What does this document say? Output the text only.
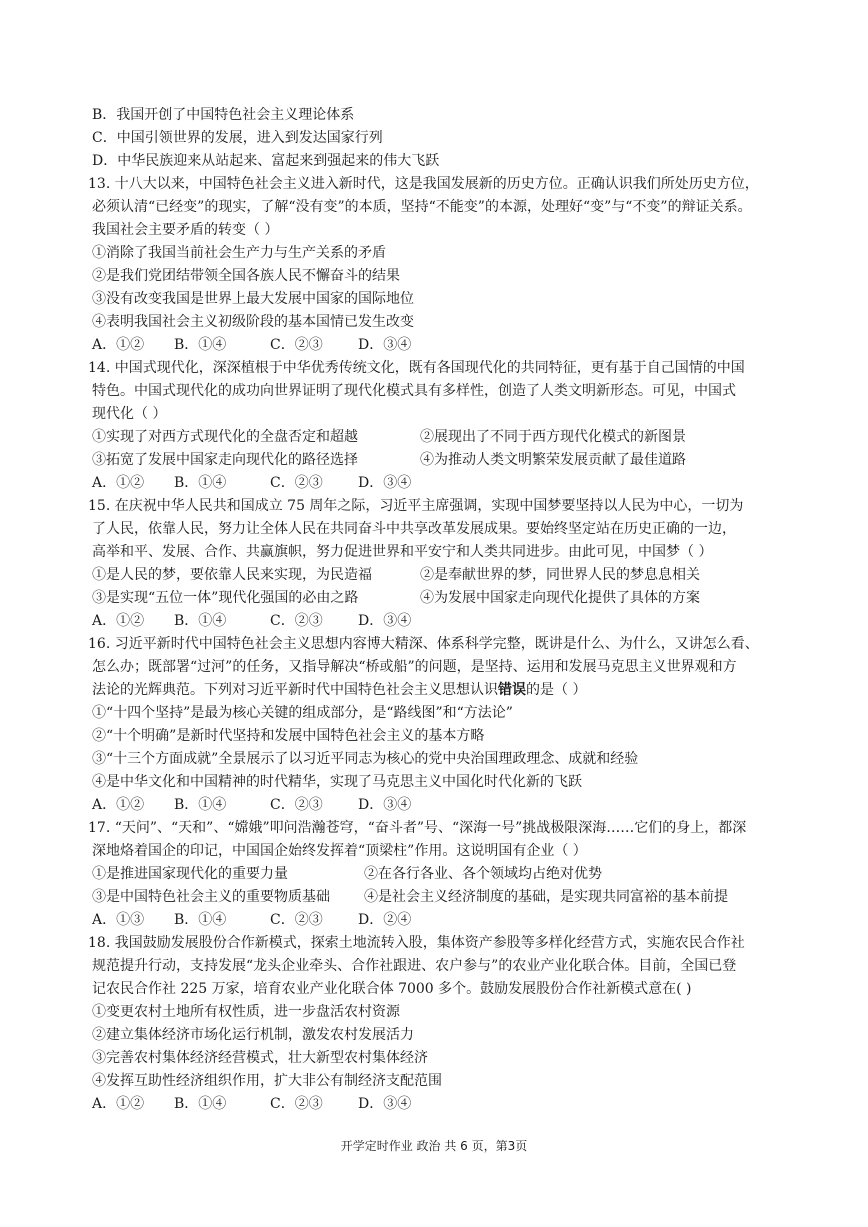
B．我国开创了中国特色社会主义理论体系
C．中国引领世界的发展，进入到发达国家行列
D．中华民族迎来从站起来、富起来到强起来的伟大飞跃
13. 十八大以来，中国特色社会主义进入新时代，这是我国发展新的历史方位。正确认识我们所处历史方位，
必须认清“已经变”的现实，了解“没有变”的本质，坚持“不能变”的本源，处理好“变”与“不变”的辩证关系。
我国社会主要矛盾的转变（ ）
①消除了我国当前社会生产力与生产关系的矛盾
②是我们党团结带领全国各族人民不懈奋斗的结果
③没有改变我国是世界上最大发展中国家的国际地位
④表明我国社会主义初级阶段的基本国情已发生改变
A．①② B．①④	C．②③	D．③④
14. 中国式现代化，深深植根于中华优秀传统文化，既有各国现代化的共同特征，更有基于自己国情的中国
特色。中国式现代化的成功向世界证明了现代化模式具有多样性，创造了人类文明新形态。可见，中国式
现代化（ ）
①实现了对西方式现代化的全盘否定和超越	②展现出了不同于西方现代化模式的新图景
③拓宽了发展中国家走向现代化的路径选择	④为推动人类文明繁荣发展贡献了最佳道路
A．①② B．①④	C．②③	D．③④
15. 在庆祝中华人民共和国成立 75 周年之际，习近平主席强调，实现中国梦要坚持以人民为中心，一切为
了人民，依靠人民，努力让全体人民在共同奋斗中共享改革发展成果。要始终坚定站在历史正确的一边，
高举和平、发展、合作、共赢旗帜，努力促进世界和平安宁和人类共同进步。由此可见，中国梦（ ）
①是人民的梦，要依靠人民来实现，为民造福	②是奉献世界的梦，同世界人民的梦息息相关
③是实现“五位一体”现代化强国的必由之路	④为发展中国家走向现代化提供了具体的方案
A．①② B．①④	C．②③	D．③④
16. 习近平新时代中国特色社会主义思想内容博大精深、体系科学完整，既讲是什么、为什么，又讲怎么看、
怎么办；既部署“过河”的任务，又指导解决“桥或船”的问题，是坚持、运用和发展马克思主义世界观和方
法论的光辉典范。下列对习近平新时代中国特色社会主义思想认识错误的是（ ）
①“十四个坚持”是最为核心关键的组成部分，是“路线图”和“方法论”
②“十个明确”是新时代坚持和发展中国特色社会主义的基本方略
③“十三个方面成就”全景展示了以习近平同志为核心的党中央治国理政理念、成就和经验
④是中华文化和中国精神的时代精华，实现了马克思主义中国化时代化新的飞跃
A．①② B．①④	C．②③	D．③④
17. “天问”、“天和”、“嫦娥”叩问浩瀚苍穹，“奋斗者”号、“深海一号”挑战极限深海……它们的身上，都深
深地烙着国企的印记，中国国企始终发挥着“顶梁柱”作用。这说明国有企业（ ）
①是推进国家现代化的重要力量	②在各行各业、各个领域均占绝对优势
③是中国特色社会主义的重要物质基础	④是社会主义经济制度的基础，是实现共同富裕的基本前提
A．①③ B．①④	C．②③	D．②④
18. 我国鼓励发展股份合作新模式，探索土地流转入股，集体资产参股等多样化经营方式，实施农民合作社
规范提升行动，支持发展“龙头企业牵头、合作社跟进、农户参与”的农业产业化联合体。目前，全国已登
记农民合作社 225 万家，培育农业产业化联合体 7000 多个。鼓励发展股份合作社新模式意在( )
①变更农村土地所有权性质，进一步盘活农村资源
②建立集体经济市场化运行机制，激发农村发展活力
③完善农村集体经济经营模式，壮大新型农村集体经济
④发挥互助性经济组织作用，扩大非公有制经济支配范围
A．①② B．①④	C．②③	D．③④
开学定时作业 政治 共 6 页，第3页
